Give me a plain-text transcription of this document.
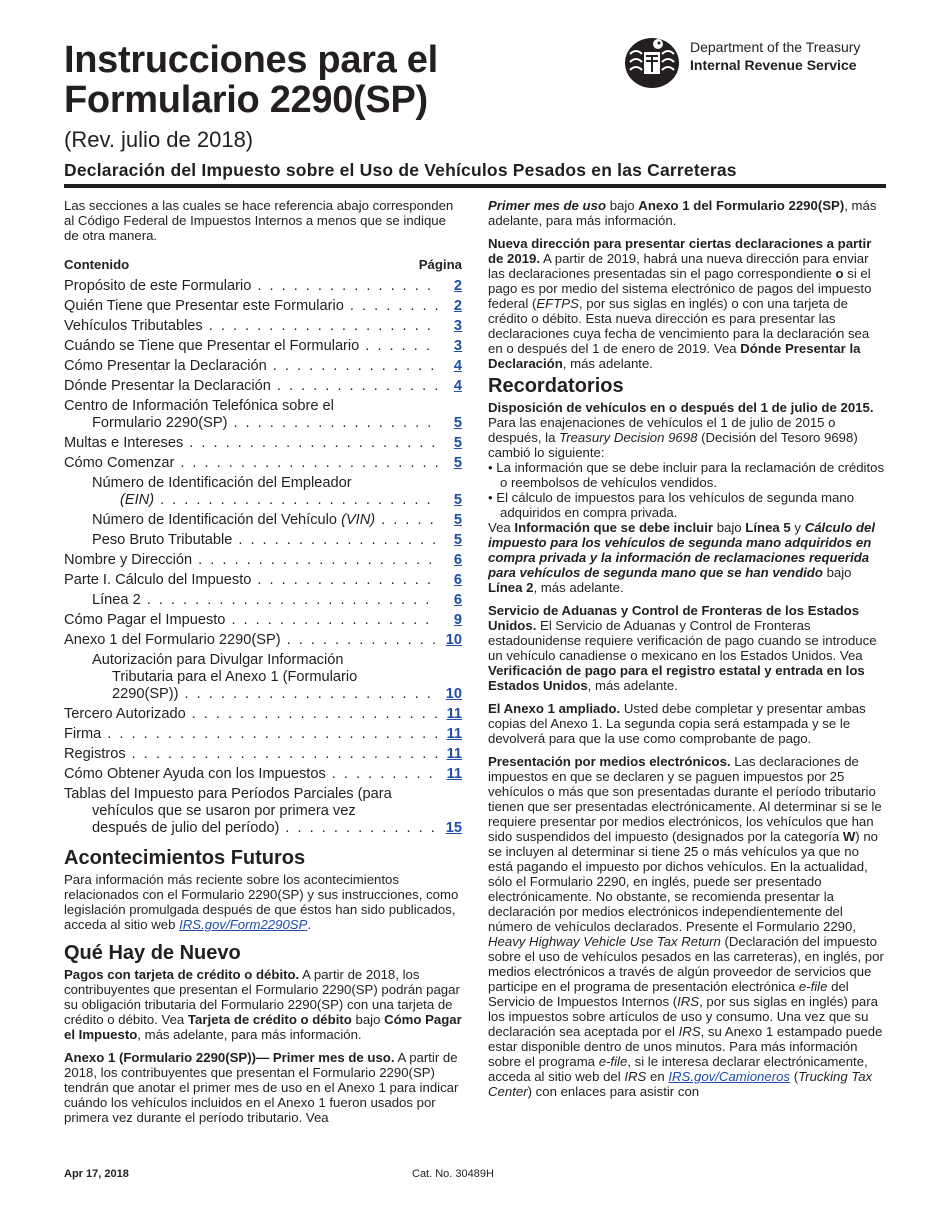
Instrucciones para el
Formulario 2290(SP)
(Rev. julio de 2018)
Declaración del Impuesto sobre el Uso de Vehículos Pesados en las Carreteras
Department of the Treasury
Internal Revenue Service

Las secciones a las cuales se hace referencia abajo corresponden al Código Federal de Impuestos Internos a menos que se indique de otra manera.

Contenido	Página
Propósito de este Formulario . . .	2
Quién Tiene que Presentar este Formulario . . .	2
Vehículos Tributables . . .	3
Cuándo se Tiene que Presentar el Formulario . . .	3
Cómo Presentar la Declaración . . .	4
Dónde Presentar la Declaración . . .	4
Centro de Información Telefónica sobre el
Formulario 2290(SP) . . .	5
Multas e Intereses . . .	5
Cómo Comenzar . . .	5
Número de Identificación del Empleador
(EIN) . . .	5
Número de Identificación del Vehículo (VIN) . . .	5
Peso Bruto Tributable . . .	5
Nombre y Dirección . . .	6
Parte I. Cálculo del Impuesto . . .	6
Línea 2 . . .	6
Cómo Pagar el Impuesto . . .	9
Anexo 1 del Formulario 2290(SP) . . .	10
Autorización para Divulgar Información
Tributaria para el Anexo 1 (Formulario
2290(SP)) . . .	10
Tercero Autorizado . . .	11
Firma . . .	11
Registros . . .	11
Cómo Obtener Ayuda con los Impuestos . . .	11
Tablas del Impuesto para Períodos Parciales (para
vehículos que se usaron por primera vez
después de julio del período) . . .	15
Acontecimientos Futuros

Para información más reciente sobre los acontecimientos relacionados con el Formulario 2290(SP) y sus instrucciones, como legislación promulgada después de que éstos han sido publicados, acceda al sitio web IRS.gov/Form2290SP.

Qué Hay de Nuevo

Pagos con tarjeta de crédito o débito. A partir de 2018, los contribuyentes que presentan el Formulario 2290(SP) podrán pagar su obligación tributaria del Formulario 2290(SP) con una tarjeta de crédito o débito. Vea Tarjeta de crédito o débito bajo Cómo Pagar el Impuesto, más adelante, para más información.

Anexo 1 (Formulario 2290(SP))— Primer mes de uso. A partir de 2018, los contribuyentes que presentan el Formulario 2290(SP) tendrán que anotar el primer mes de uso en el Anexo 1 para indicar cuándo los vehículos incluidos en el Anexo 1 fueron usados por primera vez durante el período tributario. Vea

Primer mes de uso bajo Anexo 1 del Formulario 2290(SP), más adelante, para más información.

Nueva dirección para presentar ciertas declaraciones a partir de 2019. A partir de 2019, habrá una nueva dirección para enviar las declaraciones presentadas sin el pago correspondiente o si el pago es por medio del sistema electrónico de pagos del impuesto federal (EFTPS, por sus siglas en inglés) o con una tarjeta de crédito o débito. Esta nueva dirección es para presentar las declaraciones cuya fecha de vencimiento para la declaración sea en o después del 1 de enero de 2019. Vea Dónde Presentar la Declaración, más adelante.

Recordatorios

Disposición de vehículos en o después del 1 de julio de 2015. Para las enajenaciones de vehículos el 1 de julio de 2015 o después, la Treasury Decision 9698 (Decisión del Tesoro 9698) cambió lo siguiente:
• La información que se debe incluir para la reclamación de créditos o reembolsos de vehículos vendidos.
• El cálculo de impuestos para los vehículos de segunda mano adquiridos en compra privada.
Vea Información que se debe incluir bajo Línea 5 y Cálculo del impuesto para los vehículos de segunda mano adquiridos en compra privada y la información de reclamaciones requerida para vehículos de segunda mano que se han vendido bajo Línea 2, más adelante.

Servicio de Aduanas y Control de Fronteras de los Estados Unidos. El Servicio de Aduanas y Control de Fronteras estadounidense requiere verificación de pago cuando se introduce un vehículo canadiense o mexicano en los Estados Unidos. Vea Verificación de pago para el registro estatal y entrada en los Estados Unidos, más adelante.

El Anexo 1 ampliado. Usted debe completar y presentar ambas copias del Anexo 1. La segunda copia será estampada y se le devolverá para que la use como comprobante de pago.

Presentación por medios electrónicos. Las declaraciones de impuestos en que se declaren y se paguen impuestos por 25 vehículos o más que son presentadas durante el período tributario tienen que ser presentadas electrónicamente. Al determinar si se le requiere presentar por medios electrónicos, los vehículos que han sido suspendidos del impuesto (designados por la categoría W) no se incluyen al determinar si tiene 25 o más vehículos ya que no está pagando el impuesto por dichos vehículos. En la actualidad, sólo el Formulario 2290, en inglés, puede ser presentado electrónicamente. No obstante, se recomienda presentar la declaración por medios electrónicos independientemente del número de vehículos declarados. Presente el Formulario 2290, Heavy Highway Vehicle Use Tax Return (Declaración del impuesto sobre el uso de vehículos pesados en las carreteras), en inglés, por medios electrónicos a través de algún proveedor de servicios que participe en el programa de presentación electrónica e-file del Servicio de Impuestos Internos (IRS, por sus siglas en inglés) para los impuestos sobre artículos de uso y consumo. Una vez que su declaración sea aceptada por el IRS, su Anexo 1 estampado puede estar disponible dentro de unos minutos. Para más información sobre el programa e-file, si le interesa declarar electrónicamente, acceda al sitio web del IRS en IRS.gov/Camioneros (Trucking Tax Center) con enlaces para asistir con

Apr 17, 2018	Cat. No. 30489H
